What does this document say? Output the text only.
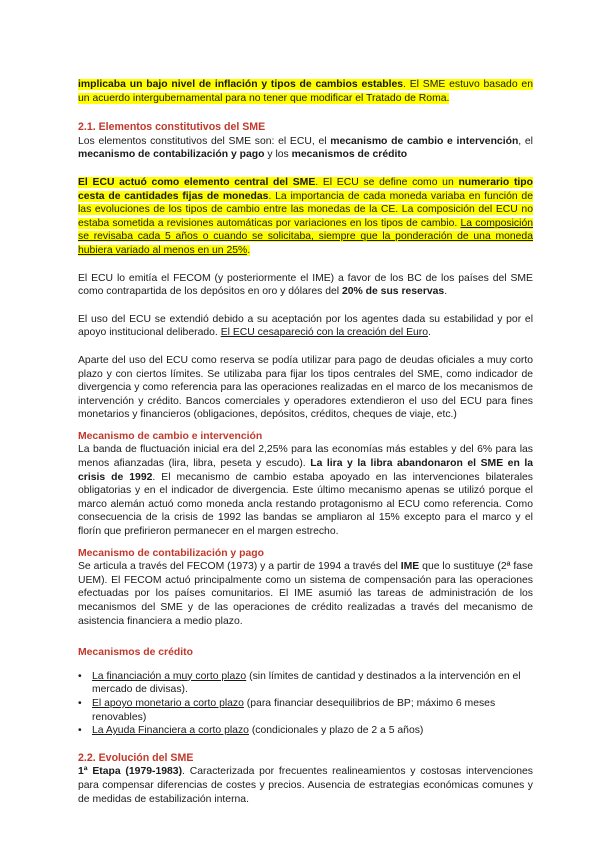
implicaba un bajo nivel de inflación y tipos de cambios estables. El SME estuvo basado en un acuerdo intergubernamental para no tener que modificar el Tratado de Roma.

2.1. Elementos constitutivos del SME

Los elementos constitutivos del SME son: el ECU, el mecanismo de cambio e intervención, el mecanismo de contabilización y pago y los mecanismos de crédito

El ECU actuó como elemento central del SME. El ECU se define como un numerario tipo cesta de cantidades fijas de monedas. La importancia de cada moneda variaba en función de las evoluciones de los tipos de cambio entre las monedas de la CE. La composición del ECU no estaba sometida a revisiones automáticas por variaciones en los tipos de cambio. La composición se revisaba cada 5 años o cuando se solicitaba, siempre que la ponderación de una moneda hubiera variado al menos en un 25%.

El ECU lo emitía el FECOM (y posteriormente el IME) a favor de los BC de los países del SME como contrapartida de los depósitos en oro y dólares del 20% de sus reservas.

El uso del ECU se extendió debido a su aceptación por los agentes dada su estabilidad y por el apoyo institucional deliberado. El ECU cesapareció con la creación del Euro.

Aparte del uso del ECU como reserva se podía utilizar para pago de deudas oficiales a muy corto plazo y con ciertos límites. Se utilizaba para fijar los tipos centrales del SME, como indicador de divergencia y como referencia para las operaciones realizadas en el marco de los mecanismos de intervención y crédito. Bancos comerciales y operadores extendieron el uso del ECU para fines monetarios y financieros (obligaciones, depósitos, créditos, cheques de viaje, etc.)

Mecanismo de cambio e intervención

La banda de fluctuación inicial era del 2,25% para las economías más estables y del 6% para las menos afianzadas (lira, libra, peseta y escudo). La lira y la libra abandonaron el SME en la crisis de 1992. El mecanismo de cambio estaba apoyado en las intervenciones bilaterales obligatorias y en el indicador de divergencia. Este último mecanismo apenas se utilizó porque el marco alemán actuó como moneda ancla restando protagonismo al ECU como referencia. Como consecuencia de la crisis de 1992 las bandas se ampliaron al 15% excepto para el marco y el florín que prefirieron permanecer en el margen estrecho.

Mecanismo de contabilización y pago

Se articula a través del FECOM (1973) y a partir de 1994 a través del IME que lo sustituye (2ª fase UEM). El FECOM actuó principalmente como un sistema de compensación para las operaciones efectuadas por los países comunitarios. El IME asumió las tareas de administración de los mecanismos del SME y de las operaciones de crédito realizadas a través del mecanismo de asistencia financiera a medio plazo.

Mecanismos de crédito

• La financiación a muy corto plazo (sin límites de cantidad y destinados a la intervención en el mercado de divisas).
• El apoyo monetario a corto plazo (para financiar desequilibrios de BP; máximo 6 meses renovables)
• La Ayuda Financiera a corto plazo (condicionales y plazo de 2 a 5 años)

2.2. Evolución del SME

1ª Etapa (1979-1983). Caracterizada por frecuentes realineamientos y costosas intervenciones para compensar diferencias de costes y precios. Ausencia de estrategias económicas comunes y de medidas de estabilización interna.
